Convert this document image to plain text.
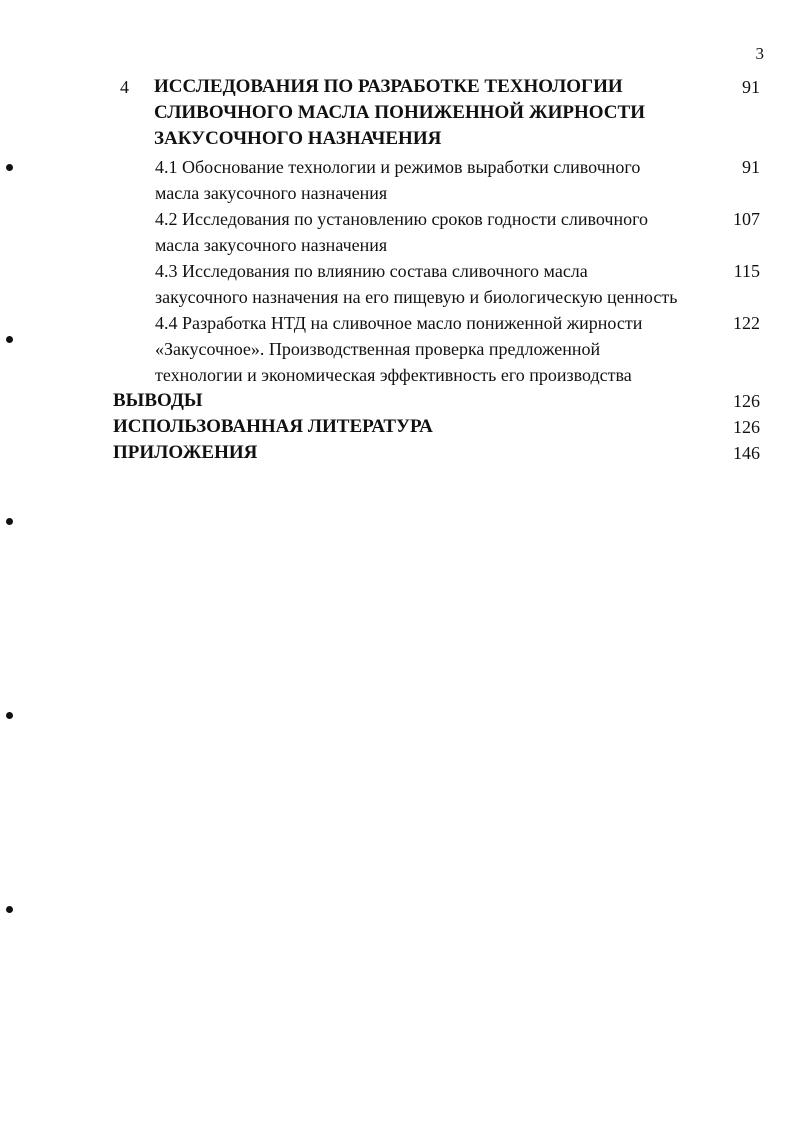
3
4 ИССЛЕДОВАНИЯ ПО РАЗРАБОТКЕ ТЕХНОЛОГИИ
СЛИВОЧНОГО МАСЛА ПОНИЖЕННОЙ ЖИРНОСТИ
ЗАКУСОЧНОГО НАЗНАЧЕНИЯ
91
4.1 Обоснование технологии и режимов выработки сливочного
масла закусочного назначения
91
4.2 Исследования по установлению сроков годности сливочного
масла закусочного назначения
107
4.3 Исследования по влиянию состава сливочного масла
закусочного назначения на его пищевую и биологическую ценность
115
4.4 Разработка НТД на сливочное масло пониженной жирности
«Закусочное». Производственная проверка предложенной
технологии и экономическая эффективность его производства
122
ВЫВОДЫ	126
ИСПОЛЬЗОВАННАЯ ЛИТЕРАТУРА	126
ПРИЛОЖЕНИЯ	146
